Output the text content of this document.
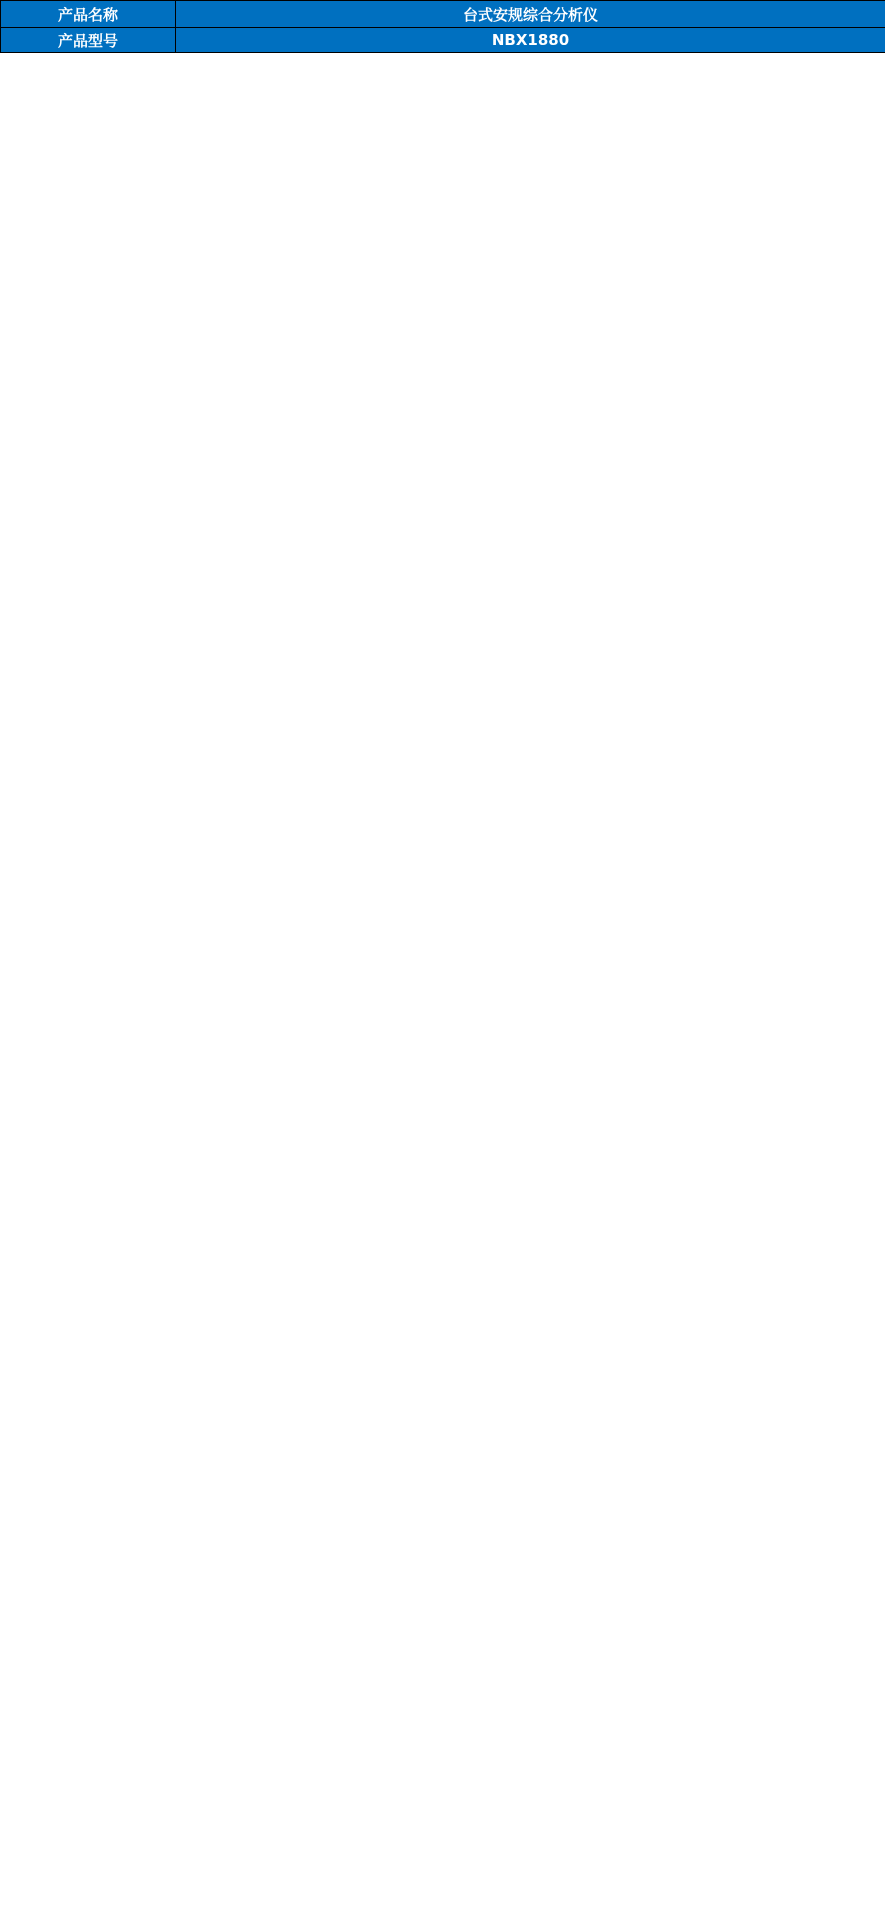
产品名称	台式安规综合分析仪
产品型号	NBX1880
